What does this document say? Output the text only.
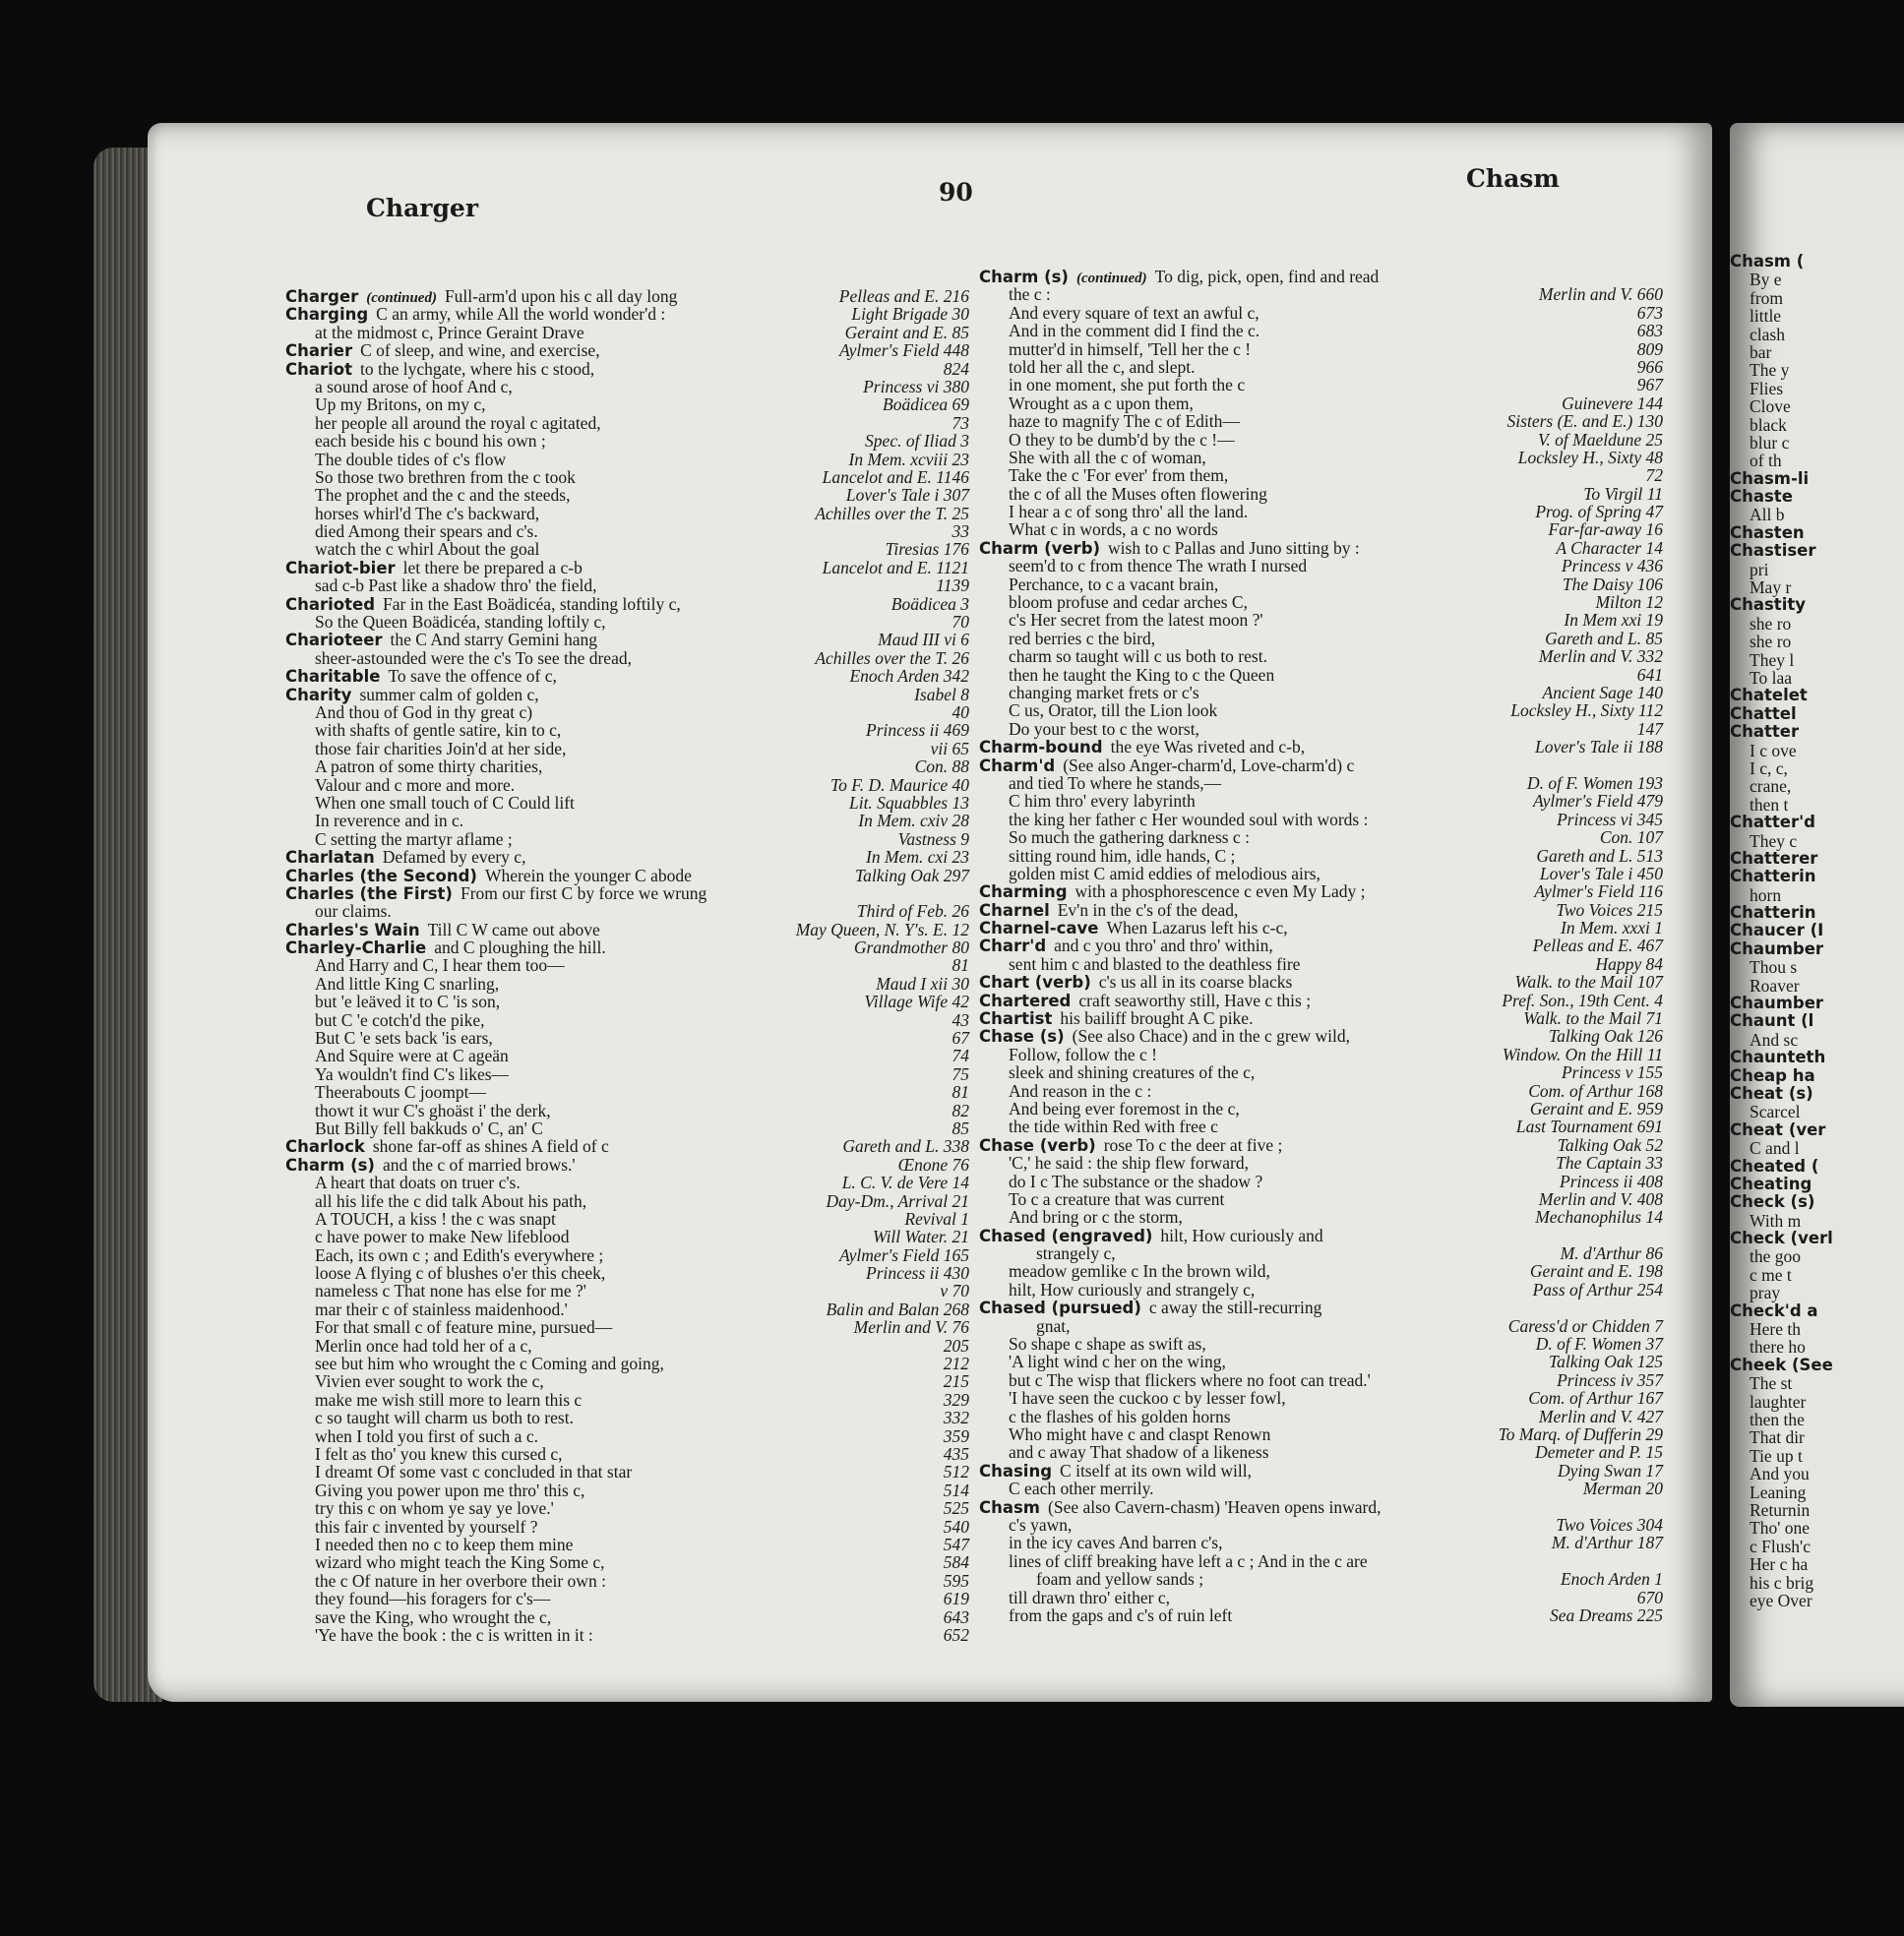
Charger
90	Chasm
Charger (continued) Full-arm'd upon his c all day long	Pelleas and E. 216
Charging C an army, while All the world wonder'd :	Light Brigade 30
at the midmost c, Prince Geraint Drave	Geraint and E. 85
Charier C of sleep, and wine, and exercise,	Aylmer's Field 448
Chariot to the lychgate, where his c stood,	824
a sound arose of hoof And c,	Princess vi 380
Up my Britons, on my c,	Boädicea 69
her people all around the royal c agitated,	73
each beside his c bound his own ;	Spec. of Iliad 3
The double tides of c's flow	In Mem. xcviii 23
So those two brethren from the c took	Lancelot and E. 1146
The prophet and the c and the steeds,	Lover's Tale i 307
horses whirl'd The c's backward,	Achilles over the T. 25
died Among their spears and c's.	33
watch the c whirl About the goal	Tiresias 176
Chariot-bier let there be prepared a c-b	Lancelot and E. 1121
sad c-b Past like a shadow thro' the field,	1139
Charioted Far in the East Boädicéa, standing loftily c,	Boädicea 3
So the Queen Boädicéa, standing loftily c,	70
Charioteer the C And starry Gemini hang	Maud III vi 6
sheer-astounded were the c's To see the dread,	Achilles over the T. 26
Charitable To save the offence of c,	Enoch Arden 342
Charity summer calm of golden c,	Isabel 8
And thou of God in thy great c)	40
with shafts of gentle satire, kin to c,	Princess ii 469
those fair charities Join'd at her side,	vii 65
A patron of some thirty charities,	Con. 88
Valour and c more and more.	To F. D. Maurice 40
When one small touch of C Could lift	Lit. Squabbles 13
In reverence and in c.	In Mem. cxiv 28
C setting the martyr aflame ;	Vastness 9
Charlatan Defamed by every c,	In Mem. cxi 23
Charles (the Second) Wherein the younger C abode	Talking Oak 297
Charles (the First) From our first C by force we wrung
our claims.	Third of Feb. 26
Charles's Wain Till C W came out above	May Queen, N. Y's. E. 12
Charley-Charlie and C ploughing the hill.	Grandmother 80
And Harry and C, I hear them too—	81
And little King C snarling,	Maud I xii 30
but 'e leäved it to C 'is son,	Village Wife 42
but C 'e cotch'd the pike,	43
But C 'e sets back 'is ears,	67
And Squire were at C ageän	74
Ya wouldn't find C's likes—	75
Theerabouts C joompt—	81
thowt it wur C's ghoäst i' the derk,	82
But Billy fell bakkuds o' C, an' C	85
Charlock shone far-off as shines A field of c	Gareth and L. 338
Charm (s) and the c of married brows.'	Œnone 76
A heart that doats on truer c's.	L. C. V. de Vere 14
all his life the c did talk About his path,	Day-Dm., Arrival 21
A TOUCH, a kiss ! the c was snapt	Revival 1
c have power to make New lifeblood	Will Water. 21
Each, its own c ; and Edith's everywhere ;	Aylmer's Field 165
loose A flying c of blushes o'er this cheek,	Princess ii 430
nameless c That none has else for me ?'	v 70
mar their c of stainless maidenhood.'	Balin and Balan 268
For that small c of feature mine, pursued—	Merlin and V. 76
Merlin once had told her of a c,	205
see but him who wrought the c Coming and going,	212
Vivien ever sought to work the c,	215
make me wish still more to learn this c	329
c so taught will charm us both to rest.	332
when I told you first of such a c.	359
I felt as tho' you knew this cursed c,	435
I dreamt Of some vast c concluded in that star	512
Giving you power upon me thro' this c,	514
try this c on whom ye say ye love.'	525
this fair c invented by yourself ?	540
I needed then no c to keep them mine	547
wizard who might teach the King Some c,	584
the c Of nature in her overbore their own :	595
they found—his foragers for c's—	619
save the King, who wrought the c,	643
'Ye have the book : the c is written in it :	652
Charm (s) (continued) To dig, pick, open, find and read
the c :	Merlin and V. 660
And every square of text an awful c,	673
And in the comment did I find the c.	683
mutter'd in himself, 'Tell her the c !	809
told her all the c, and slept.	966
in one moment, she put forth the c	967
Wrought as a c upon them,	Guinevere 144
haze to magnify The c of Edith—	Sisters (E. and E.) 130
O they to be dumb'd by the c !—	V. of Maeldune 25
She with all the c of woman,	Locksley H., Sixty 48
Take the c 'For ever' from them,	72
the c of all the Muses often flowering	To Virgil 11
I hear a c of song thro' all the land.	Prog. of Spring 47
What c in words, a c no words	Far-far-away 16
Charm (verb) wish to c Pallas and Juno sitting by :	A Character 14
seem'd to c from thence The wrath I nursed	Princess v 436
Perchance, to c a vacant brain,	The Daisy 106
bloom profuse and cedar arches C,	Milton 12
c's Her secret from the latest moon ?'	In Mem xxi 19
red berries c the bird,	Gareth and L. 85
charm so taught will c us both to rest.	Merlin and V. 332
then he taught the King to c the Queen	641
changing market frets or c's	Ancient Sage 140
C us, Orator, till the Lion look	Locksley H., Sixty 112
Do your best to c the worst,	147
Charm-bound the eye Was riveted and c-b,	Lover's Tale ii 188
Charm'd (See also Anger-charm'd, Love-charm'd) c
and tied To where he stands,—	D. of F. Women 193
C him thro' every labyrinth	Aylmer's Field 479
the king her father c Her wounded soul with words :	Princess vi 345
So much the gathering darkness c :	Con. 107
sitting round him, idle hands, C ;	Gareth and L. 513
golden mist C amid eddies of melodious airs,	Lover's Tale i 450
Charming with a phosphorescence c even My Lady ;	Aylmer's Field 116
Charnel Ev'n in the c's of the dead,	Two Voices 215
Charnel-cave When Lazarus left his c-c,	In Mem. xxxi 1
Charr'd and c you thro' and thro' within,	Pelleas and E. 467
sent him c and blasted to the deathless fire	Happy 84
Chart (verb) c's us all in its coarse blacks	Walk. to the Mail 107
Chartered craft seaworthy still, Have c this ;	Pref. Son., 19th Cent. 4
Chartist his bailiff brought A C pike.	Walk. to the Mail 71
Chase (s) (See also Chace) and in the c grew wild,	Talking Oak 126
Follow, follow the c !	Window. On the Hill 11
sleek and shining creatures of the c,	Princess v 155
And reason in the c :	Com. of Arthur 168
And being ever foremost in the c,	Geraint and E. 959
the tide within Red with free c	Last Tournament 691
Chase (verb) rose To c the deer at five ;	Talking Oak 52
'C,' he said : the ship flew forward,	The Captain 33
do I c The substance or the shadow ?	Princess ii 408
To c a creature that was current	Merlin and V. 408
And bring or c the storm,	Mechanophilus 14
Chased (engraved) hilt, How curiously and
strangely c,	M. d'Arthur 86
meadow gemlike c In the brown wild,	Geraint and E. 198
hilt, How curiously and strangely c,	Pass of Arthur 254
Chased (pursued) c away the still-recurring
gnat,	Caress'd or Chidden 7
So shape c shape as swift as,	D. of F. Women 37
'A light wind c her on the wing,	Talking Oak 125
but c The wisp that flickers where no foot can tread.'	Princess iv 357
'I have seen the cuckoo c by lesser fowl,	Com. of Arthur 167
c the flashes of his golden horns	Merlin and V. 427
Who might have c and claspt Renown	To Marq. of Dufferin 29
and c away That shadow of a likeness	Demeter and P. 15
Chasing C itself at its own wild will,	Dying Swan 17
C each other merrily.	Merman 20
Chasm (See also Cavern-chasm) 'Heaven opens inward,
c's yawn,	Two Voices 304
in the icy caves And barren c's,	M. d'Arthur 187
lines of cliff breaking have left a c ; And in the c are
foam and yellow sands ;	Enoch Arden 1
till drawn thro' either c,	670
from the gaps and c's of ruin left	Sea Dreams 225
Chasm (
By e
from
little
clash
bar
The y
Flies
Clove
black
blur c
of th
Chasm-li
Chaste
All b
Chasten
Chastiser
pri
May r
Chastity
she ro
she ro
They l
To laa
Chatelet
Chattel
Chatter
I c ove
I c, c,
crane,
then t
Chatter'd
They c
Chatterer
Chatterin
horn
Chatterin
Chaucer (I
Chaumber
Thou s
Roaver
Chaumber
Chaunt (l
And sc
Chaunteth
Cheap ha
Cheat (s)
Scarcel
Cheat (ver
C and l
Cheated (
Cheating
Check (s)
With m
Check (verl
the goo
c me t
pray
Check'd a
Here th
there ho
Cheek (See
The st
laughter
then the
That dir
Tie up t
And you
Leaning
Returnin
Tho' one
c Flush'c
Her c ha
his c brig
eye Over
